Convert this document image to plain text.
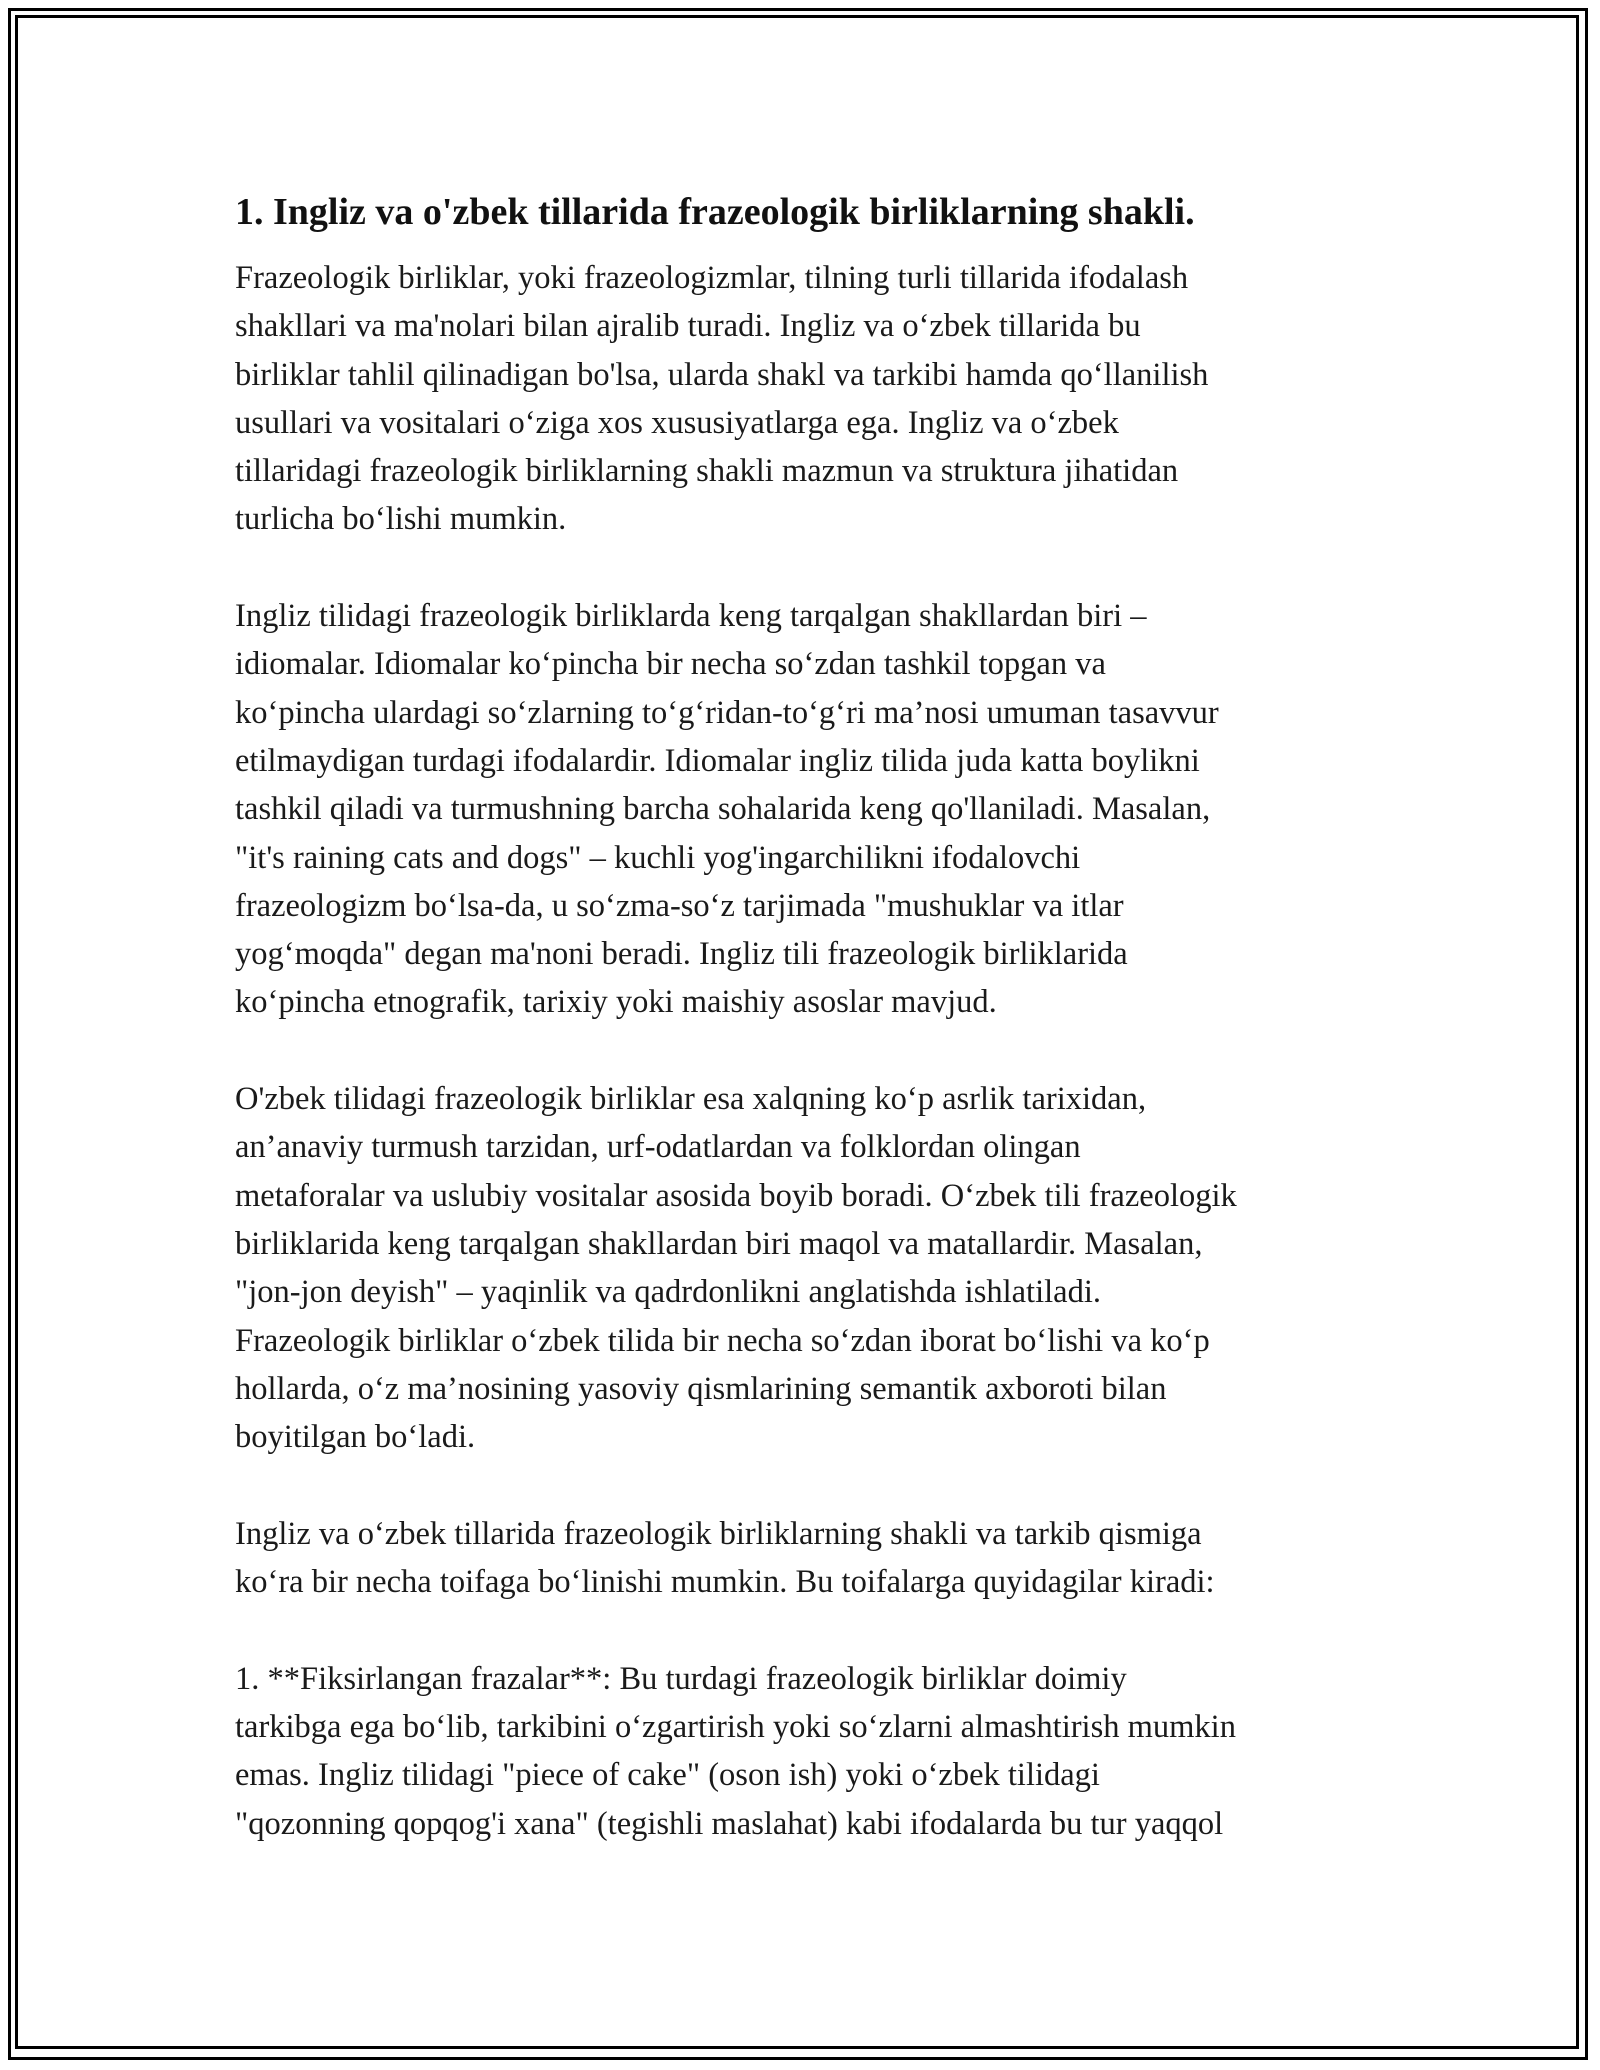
1. Ingliz va o'zbek tillarida frazeologik birliklarning shakli.
Frazeologik birliklar, yoki frazeologizmlar, tilning turli tillarida ifodalash
shakllari va ma'nolari bilan ajralib turadi. Ingliz va o‘zbek tillarida bu
birliklar tahlil qilinadigan bo'lsa, ularda shakl va tarkibi hamda qo‘llanilish
usullari va vositalari o‘ziga xos xususiyatlarga ega. Ingliz va o‘zbek
tillaridagi frazeologik birliklarning shakli mazmun va struktura jihatidan
turlicha bo‘lishi mumkin.
Ingliz tilidagi frazeologik birliklarda keng tarqalgan shakllardan biri –
idiomalar. Idiomalar ko‘pincha bir necha so‘zdan tashkil topgan va
ko‘pincha ulardagi so‘zlarning to‘g‘ridan-to‘g‘ri ma’nosi umuman tasavvur
etilmaydigan turdagi ifodalardir. Idiomalar ingliz tilida juda katta boylikni
tashkil qiladi va turmushning barcha sohalarida keng qo'llaniladi. Masalan,
"it's raining cats and dogs" – kuchli yog'ingarchilikni ifodalovchi
frazeologizm bo‘lsa-da, u so‘zma-so‘z tarjimada "mushuklar va itlar
yog‘moqda" degan ma'noni beradi. Ingliz tili frazeologik birliklarida
ko‘pincha etnografik, tarixiy yoki maishiy asoslar mavjud.
O'zbek tilidagi frazeologik birliklar esa xalqning ko‘p asrlik tarixidan,
an’anaviy turmush tarzidan, urf-odatlardan va folklordan olingan
metaforalar va uslubiy vositalar asosida boyib boradi. O‘zbek tili frazeologik
birliklarida keng tarqalgan shakllardan biri maqol va matallardir. Masalan,
"jon-jon deyish" – yaqinlik va qadrdonlikni anglatishda ishlatiladi.
Frazeologik birliklar o‘zbek tilida bir necha so‘zdan iborat bo‘lishi va ko‘p
hollarda, o‘z ma’nosining yasoviy qismlarining semantik axboroti bilan
boyitilgan bo‘ladi.
Ingliz va o‘zbek tillarida frazeologik birliklarning shakli va tarkib qismiga
ko‘ra bir necha toifaga bo‘linishi mumkin. Bu toifalarga quyidagilar kiradi:
1. **Fiksirlangan frazalar**: Bu turdagi frazeologik birliklar doimiy
tarkibga ega bo‘lib, tarkibini o‘zgartirish yoki so‘zlarni almashtirish mumkin
emas. Ingliz tilidagi "piece of cake" (oson ish) yoki o‘zbek tilidagi
"qozonning qopqog'i xana" (tegishli maslahat) kabi ifodalarda bu tur yaqqol
